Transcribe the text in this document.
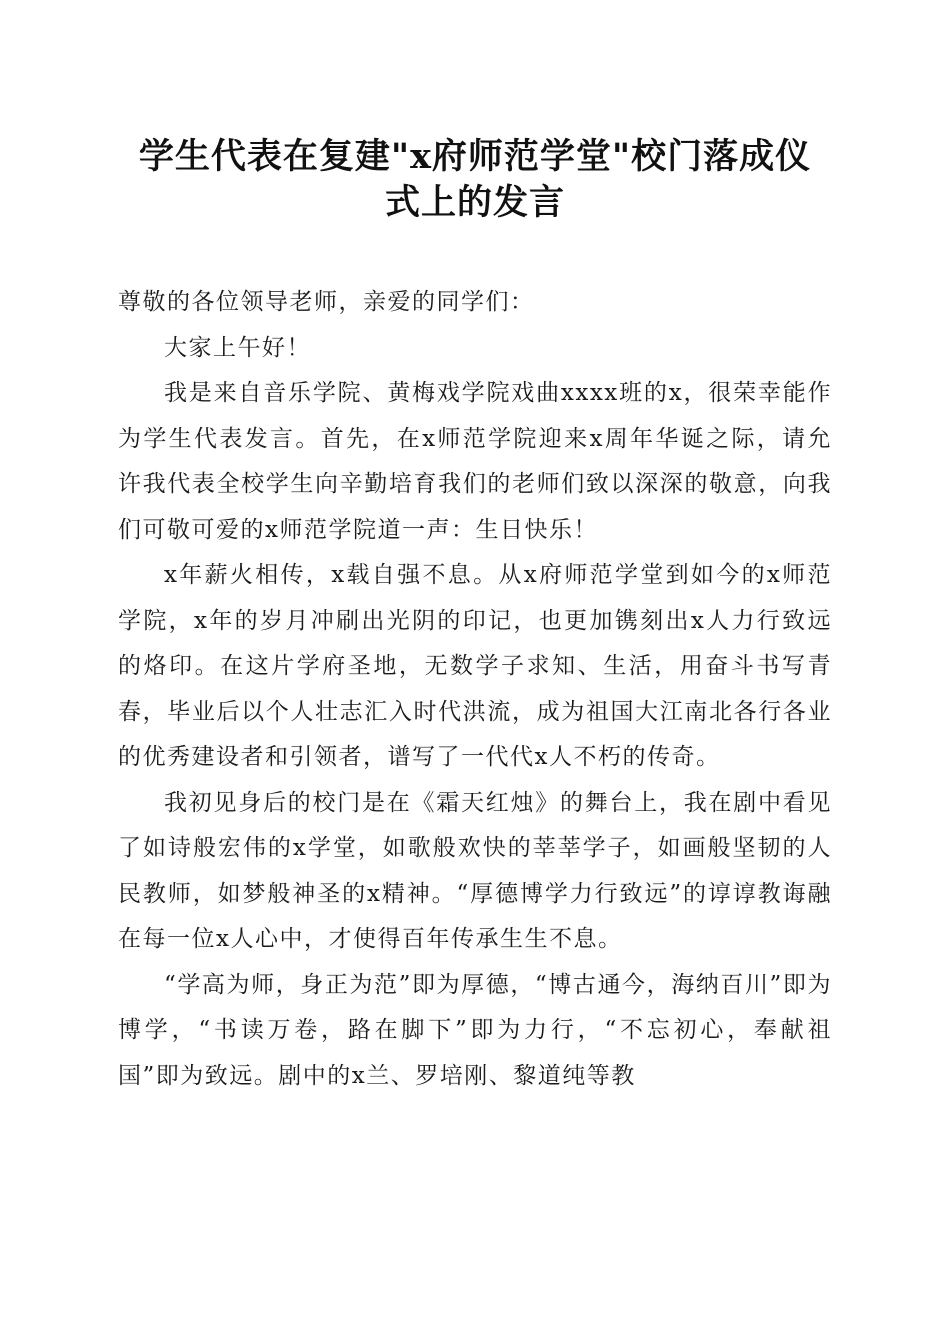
学生代表在复建"x府师范学堂"校门落成仪
式上的发言

尊敬的各位领导老师，亲爱的同学们：

大家上午好！

我是来自音乐学院、黄梅戏学院戏曲xxxx班的x，很荣幸能作为学生代表发言。首先，在x师范学院迎来x周年华诞之际，请允许我代表全校学生向辛勤培育我们的老师们致以深深的敬意，向我们可敬可爱的x师范学院道一声：生日快乐！

x年薪火相传，x载自强不息。从x府师范学堂到如今的x师范学院，x年的岁月冲刷出光阴的印记，也更加镌刻出x人力行致远的烙印。在这片学府圣地，无数学子求知、生活，用奋斗书写青春，毕业后以个人壮志汇入时代洪流，成为祖国大江南北各行各业的优秀建设者和引领者，谱写了一代代x人不朽的传奇。

我初见身后的校门是在《霜天红烛》的舞台上，我在剧中看见了如诗般宏伟的x学堂，如歌般欢快的莘莘学子，如画般坚韧的人民教师，如梦般神圣的x精神。“厚德博学力行致远”的谆谆教诲融在每一位x人心中，才使得百年传承生生不息。

“学高为师，身正为范”即为厚德，“博古通今，海纳百川”即为博学，“书读万卷，路在脚下”即为力行，“不忘初心，奉献祖国”即为致远。剧中的x兰、罗培刚、黎道纯等教
